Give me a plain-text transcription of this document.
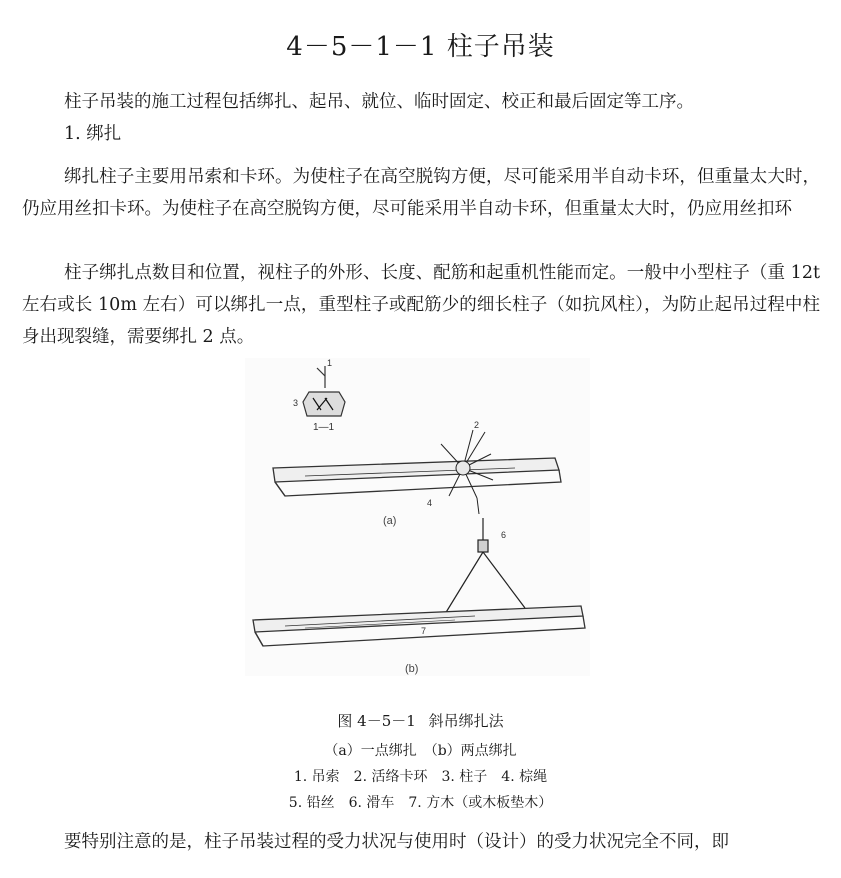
4－5－1－1 柱子吊装

柱子吊装的施工过程包括绑扎、起吊、就位、临时固定、校正和最后固定等工序。

1. 绑扎

绑扎柱子主要用吊索和卡环。为使柱子在高空脱钩方便，尽可能采用半自动卡环，但重量太大时，仍应用丝扣卡环。为使柱子在高空脱钩方便，尽可能采用半自动卡环，但重量太大时，仍应用丝扣环

柱子绑扎点数目和位置，视柱子的外形、长度、配筋和起重机性能而定。一般中小型柱子（重 12t 左右或长 10m 左右）可以绑扎一点，重型柱子或配筋少的细长柱子（如抗风柱），为防止起吊过程中柱身出现裂缝，需要绑扎 2 点。

1
3
1—1	2
4
(a)
6
7
(b)
图 4－5－1 斜吊绑扎法
（a）一点绑扎　（b）两点绑扎
1. 吊索　2. 活络卡环　3. 柱子　4. 棕绳
5. 铅丝　6. 滑车　7. 方木（或木板垫木）

要特别注意的是，柱子吊装过程的受力状况与使用时（设计）的受力状况完全不同，即
